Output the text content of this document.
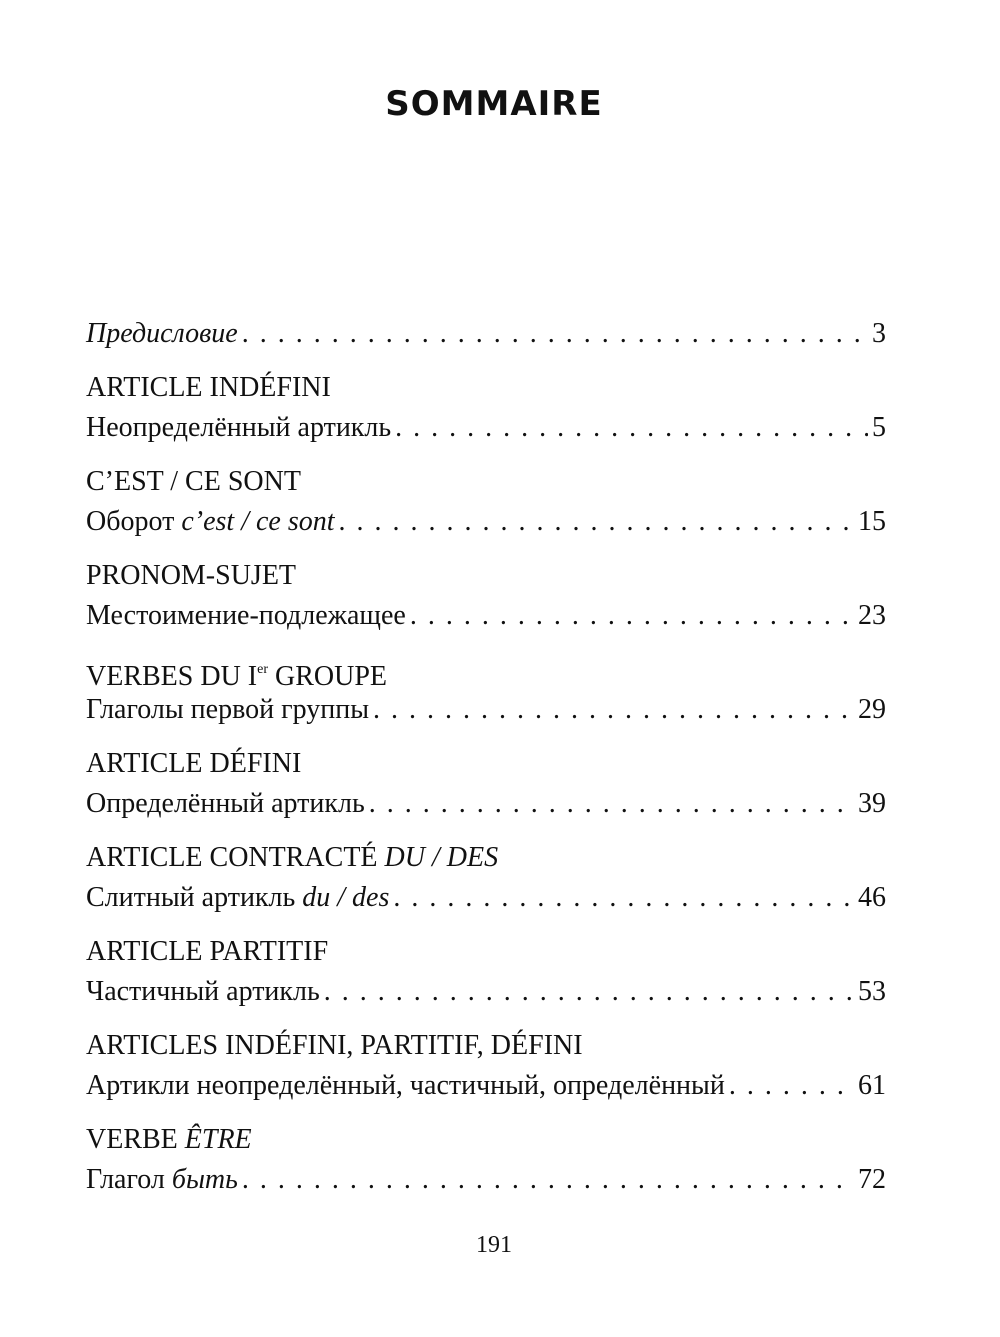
SOMMAIRE
Предисловие . . .	3
ARTICLE INDÉFINI
Неопределённый артикль . . .	5
C’EST / CE SONT
Оборот c’est / ce sont . . .	15
PRONOM-SUJET
Местоимение-подлежащее . . .	23
VERBES DU Ier GROUPE
Глаголы первой группы . . .	29
ARTICLE DÉFINI
Определённый артикль . . .	39
ARTICLE CONTRACTÉ DU / DES
Слитный артикль du / des . . .	46
ARTICLE PARTITIF
Частичный артикль . . .	53
ARTICLES INDÉFINI, PARTITIF, DÉFINI
Артикли неопределённый, частичный, определённый . . .	61
VERBE ÊTRE
Глагол быть . . .	72
191
